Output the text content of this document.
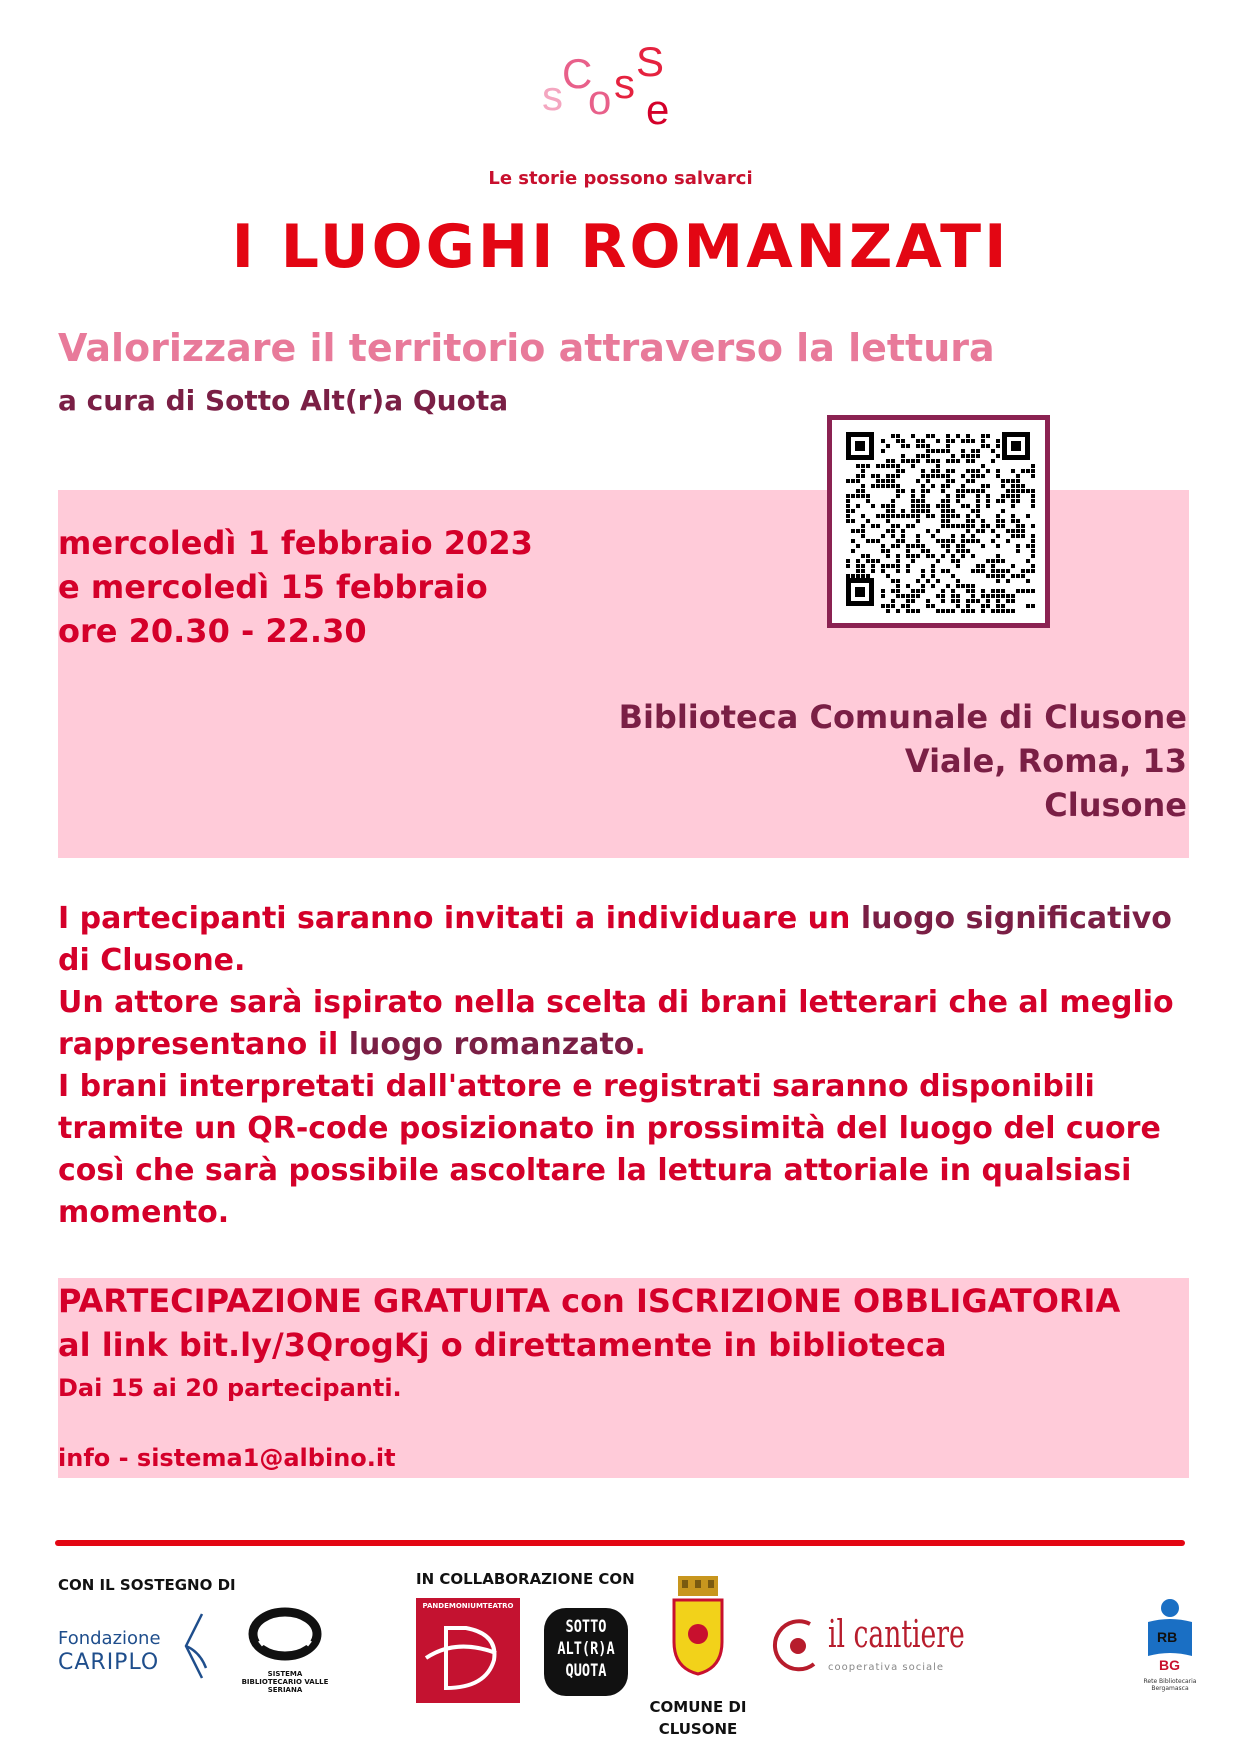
s C
o s S
e
Le storie possono salvarci
I LUOGHI ROMANZATI
Valorizzare il territorio attraverso la lettura
a cura di Sotto Alt(r)a Quota
mercoledì 1 febbraio 2023
e mercoledì 15 febbraio
ore 20.30 - 22.30
Biblioteca Comunale di Clusone
Viale, Roma, 13
Clusone

I partecipanti saranno invitati a individuare un luogo significativo di Clusone.

Un attore sarà ispirato nella scelta di brani letterari che al meglio rappresentano il luogo romanzato.

I brani interpretati dall'attore e registrati saranno disponibili tramite un QR-code posizionato in prossimità del luogo del cuore così che sarà possibile ascoltare la lettura attoriale in qualsiasi momento.

PARTECIPAZIONE GRATUITA con ISCRIZIONE OBBLIGATORIA
al link bit.ly/3QrogKj o direttamente in biblioteca
Dai 15 ai 20 partecipanti.
info - sistema1@albino.it
CON IL SOSTEGNO DI	IN COLLABORAZIONE CON
Fondazione
CARIPLO	SISTEMA BIBLIOTECARIO VALLE SERIANA
PANDEMONIUMTEATRO
SOTTO
ALT(R)A
QUOTA
COMUNE DI
CLUSONE
il cantiere
cooperativa sociale
RB
BG
Rete Bibliotecaria Bergamasca
